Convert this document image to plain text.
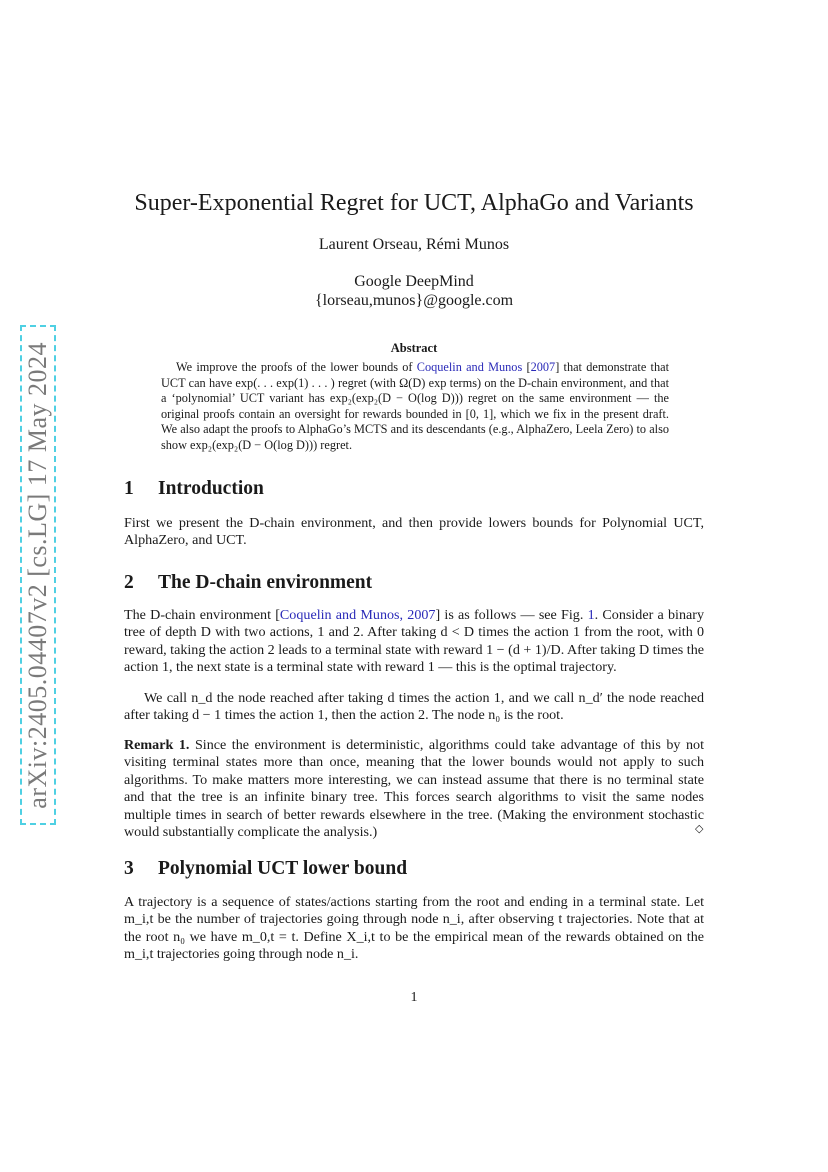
arXiv:2405.04407v2 [cs.LG] 17 May 2024
Super-Exponential Regret for UCT, AlphaGo and Variants
Laurent Orseau, Rémi Munos
Google DeepMind
{lorseau,munos}@google.com
Abstract
We improve the proofs of the lower bounds of Coquelin and Munos [2007] that demonstrate that UCT can have exp(. . . exp(1) . . . ) regret (with Ω(D) exp terms) on the D-chain environment, and that a ‘polynomial’ UCT variant has exp₂(exp₂(D − O(log D))) regret on the same environment — the original proofs contain an oversight for rewards bounded in [0, 1], which we fix in the present draft. We also adapt the proofs to AlphaGo’s MCTS and its descendants (e.g., AlphaZero, Leela Zero) to also show exp₂(exp₂(D − O(log D))) regret.
1 Introduction
First we present the D-chain environment, and then provide lowers bounds for Polynomial UCT, AlphaZero, and UCT.
2 The D-chain environment
The D-chain environment [Coquelin and Munos, 2007] is as follows — see Fig. 1. Consider a binary tree of depth D with two actions, 1 and 2. After taking d < D times the action 1 from the root, with 0 reward, taking the action 2 leads to a terminal state with reward 1 − (d + 1)/D. After taking D times the action 1, the next state is a terminal state with reward 1 — this is the optimal trajectory.
We call n_d the node reached after taking d times the action 1, and we call n_d′ the node reached after taking d − 1 times the action 1, then the action 2. The node n₀ is the root.
Remark 1. Since the environment is deterministic, algorithms could take advantage of this by not visiting terminal states more than once, meaning that the lower bounds would not apply to such algorithms. To make matters more interesting, we can instead assume that there is no terminal state and that the tree is an infinite binary tree. This forces search algorithms to visit the same nodes multiple times in search of better rewards elsewhere in the tree. (Making the environment stochastic would substantially complicate the analysis.)	◇
3 Polynomial UCT lower bound
A trajectory is a sequence of states/actions starting from the root and ending in a terminal state. Let m_i,t be the number of trajectories going through node n_i, after observing t trajectories. Note that at the root n₀ we have m_0,t = t. Define X_i,t to be the empirical mean of the rewards obtained on the m_i,t trajectories going through node n_i.
1
